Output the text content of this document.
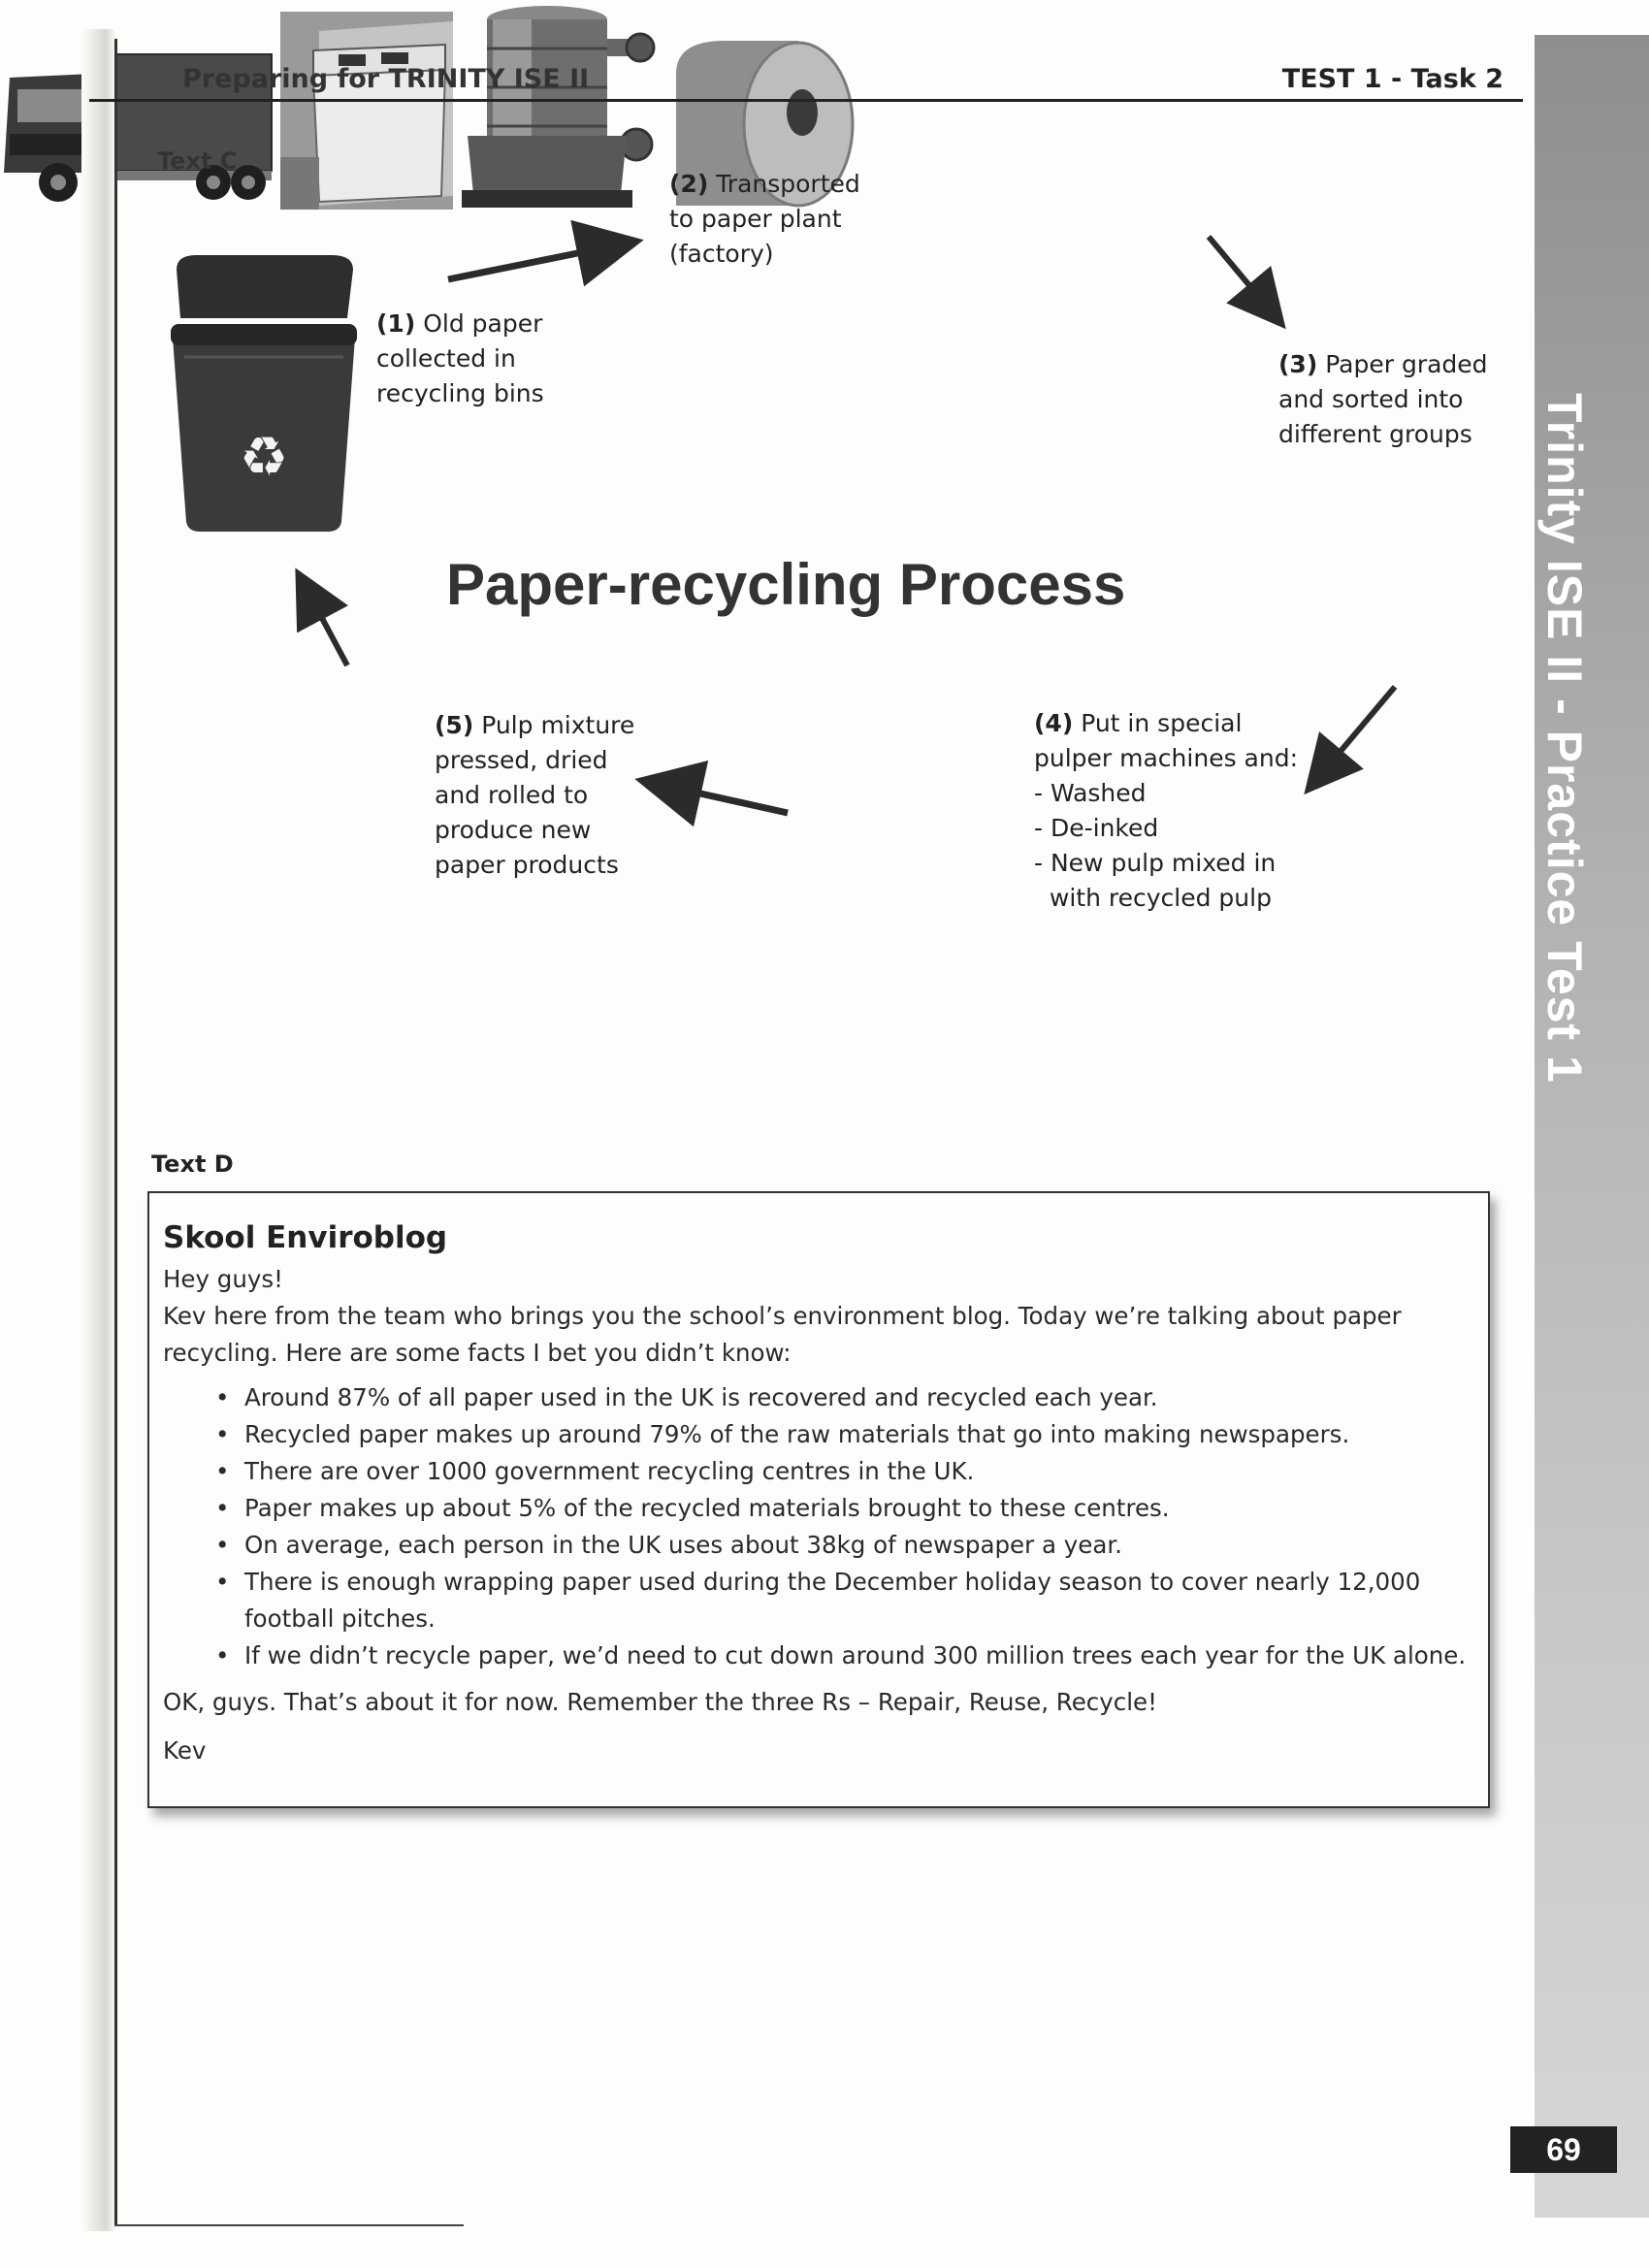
Trinity ISE II - Practice Test 1
69
Preparing for TRINITY ISE II	TEST 1 - Task 2
Text C
Paper-recycling Process
♻

(1) Old paper
collected in
recycling bins
(2) Transported
to paper plant
(factory)
(3) Paper graded
and sorted into
different groups
(4) Put in special
pulper machines and:
- Washed
- De-inked
- New pulp mixed in
with recycled pulp
(5) Pulp mixture
pressed, dried
and rolled to
produce new
paper products
Text D
Skool Enviroblog
Hey guys!
Kev here from the team who brings you the school’s environment blog. Today we’re talking about paper
recycling. Here are some facts I bet you didn’t know:
• Around 87% of all paper used in the UK is recovered and recycled each year.
• Recycled paper makes up around 79% of the raw materials that go into making newspapers.
• There are over 1000 government recycling centres in the UK.
• Paper makes up about 5% of the recycled materials brought to these centres.
• On average, each person in the UK uses about 38kg of newspaper a year.
• There is enough wrapping paper used during the December holiday season to cover nearly 12,000 football pitches.
• If we didn’t recycle paper, we’d need to cut down around 300 million trees each year for the UK alone.
OK, guys. That’s about it for now. Remember the three Rs – Repair, Reuse, Recycle!
Kev
